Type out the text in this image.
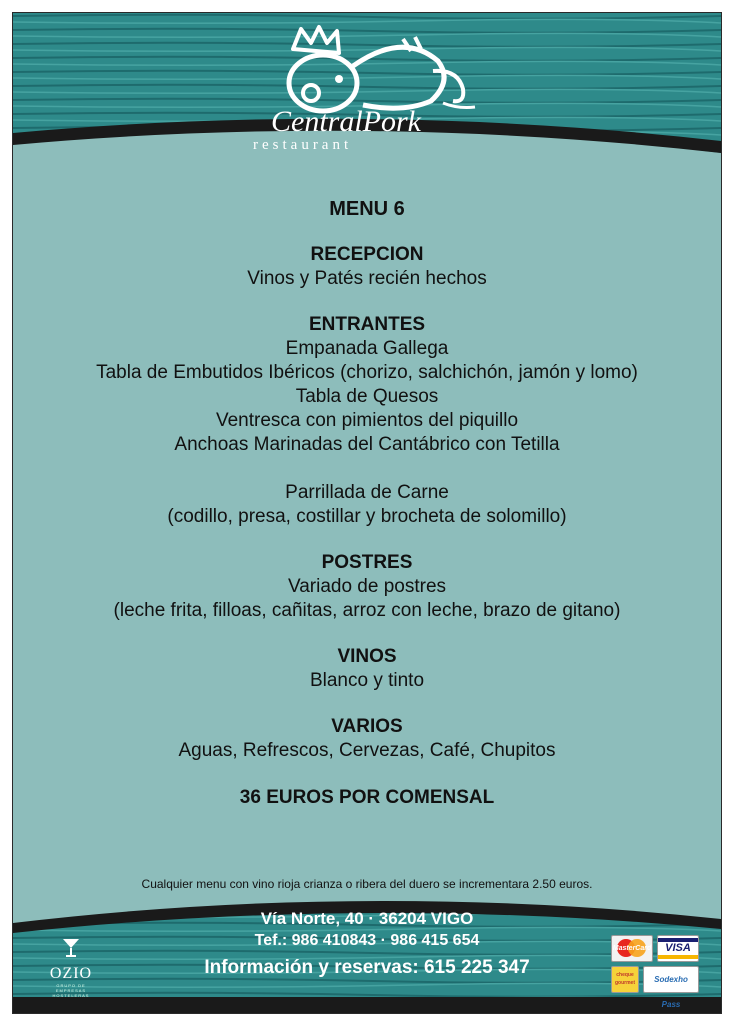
CentralPork
restaurant
MENU 6
RECEPCION
Vinos y Patés recién hechos
ENTRANTES
Empanada Gallega
Tabla de Embutidos Ibéricos (chorizo, salchichón, jamón y lomo)
Tabla de Quesos
Ventresca con pimientos del piquillo
Anchoas Marinadas del Cantábrico con Tetilla
Parrillada de Carne
(codillo, presa, costillar y brocheta de solomillo)
POSTRES
Variado de postres
(leche frita, filloas, cañitas, arroz con leche, brazo de gitano)
VINOS
Blanco y tinto
VARIOS
Aguas, Refrescos, Cervezas, Café, Chupitos
36 EUROS POR COMENSAL
Cualquier menu con vino rioja crianza o ribera del duero se incrementara 2.50 euros.
Vía Norte, 40 · 36204 VIGO
Tef.: 986 410843 · 986 415 654
Información y reservas: 615 225 347
OZIO
GRUPO DE EMPRESAS HOSTELERAS
MasterCard	VISA
cheque gourmet	Sodexho Pass
